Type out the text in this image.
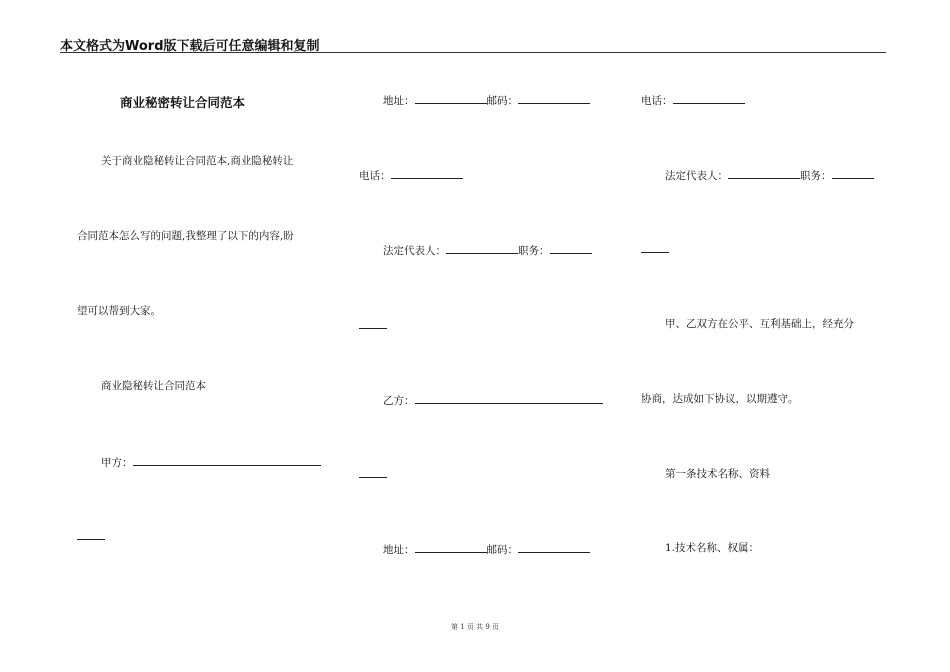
本文格式为Word版下载后可任意编辑和复制
商业秘密转让合同范本
关于商业隐秘转让合同范本,商业隐秘转让
合同范本怎么写的问题,我整理了以下的内容,盼
望可以帮到大家。
商业隐秘转让合同范本
甲方：
地址：	邮码：
电话：
法定代表人：	职务：
乙方：
地址：	邮码：
电话：
法定代表人：	职务：
甲、乙双方在公平、互利基础上，经充分
协商，达成如下协议，以期遵守。
第一条技术名称、资料
1.技术名称、权属：
第 1 页 共 9 页
